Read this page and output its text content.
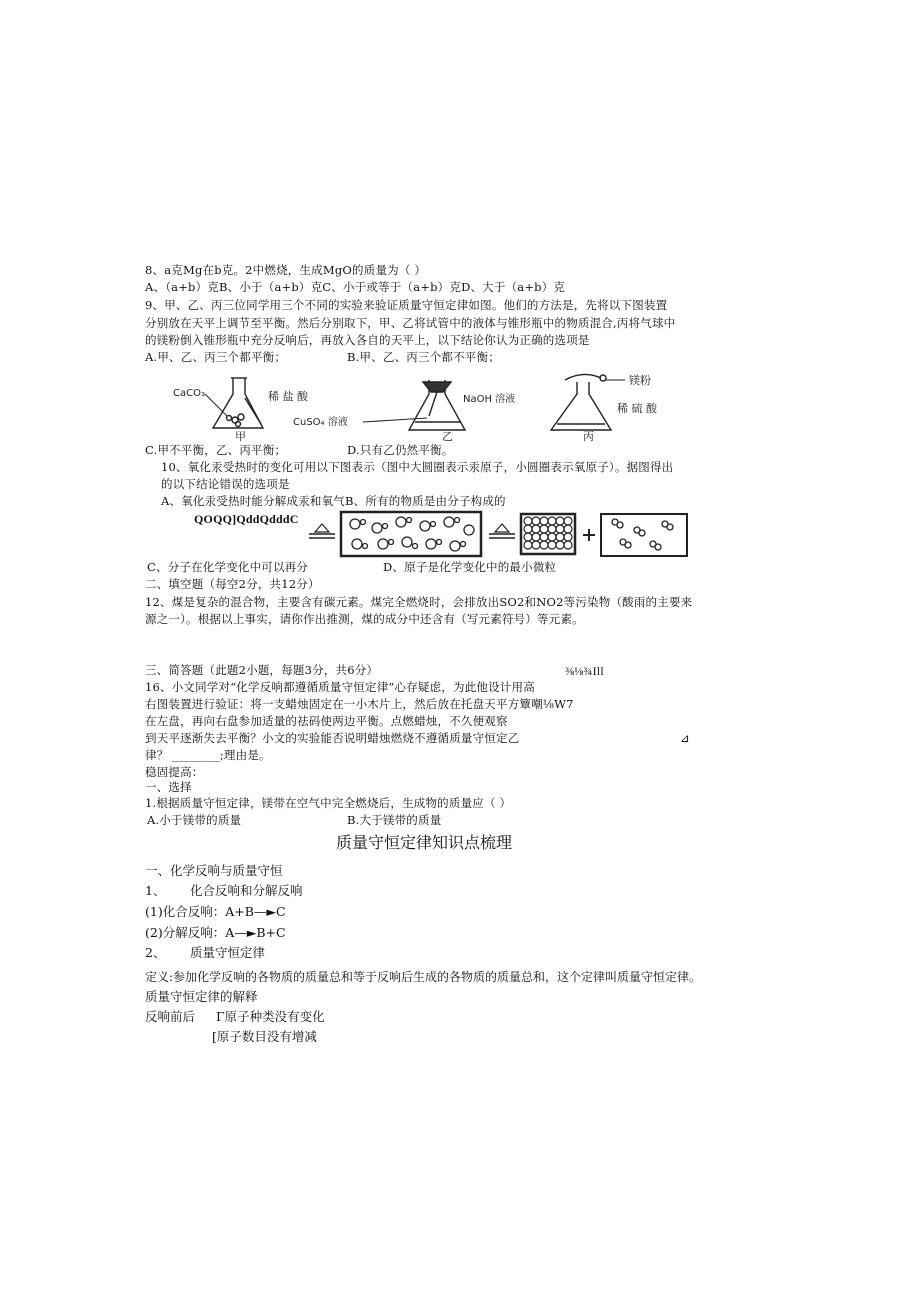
8、a克Mg在b克。2中燃烧，生成MgO的质量为（ ）
A、（a+b）克B、小于（a+b）克C、小于或等于（a+b）克D、大于（a+b）克
9、甲、乙、丙三位同学用三个不同的实验来验证质量守恒定律如图。他们的方法是，先将以下图装置
分别放在天平上调节至平衡。然后分别取下，甲、乙将试管中的液体与锥形瓶中的物质混合,丙将气球中
的镁粉倒入锥形瓶中充分反响后，再放入各自的天平上，以下结论你认为正确的选项是
A.甲、乙、丙三个都平衡；	B.甲、乙、丙三个都不平衡；
CaCO₃	稀 盐 酸
CuSO₄ 溶液
甲
NaOH 溶液
乙
镁粉
稀 硫 酸
丙
C.甲不平衡，乙、丙平衡；	D.只有乙仍然平衡。
10、氧化汞受热时的变化可用以下图表示（图中大圆圈表示汞原子，小圆圈表示氧原子）。据图得出
的以下结论错误的选项是
A、氧化汞受热时能分解成汞和氧气B、所有的物质是由分子构成的
QOQQ]QddQdddC
C、分子在化学变化中可以再分	D、原子是化学变化中的最小微粒
二、填空题（每空2分，共12分）
12、煤是复杂的混合物，主要含有碳元素。煤完全燃烧时，会排放出SO2和NO2等污染物（酸雨的主要来
源之一）。根据以上事实，请你作出推测，煤的成分中还含有（写元素符号）等元素。
三、简答题（此题2小题，每题3分，共6分）	⅜⅛¾Ill
16、小文同学对“化学反响都遵循质量守恒定律”心存疑虑，为此他设计用高
右图装置进行验证：将一支蜡烛固定在一小木片上，然后放在托盘天平方簟嘲⅛W7
在左盘，再向右盘参加适量的祛码使两边平衡。点燃蜡烛，不久便观察
到天平逐渐失去平衡？小文的实验能否说明蜡烛燃烧不遵循质量守恒定乙	⊿
律？ ________;理由是。
稳固提高：
一、选择
1.根据质量守恒定律，镁带在空气中完全燃烧后，生成物的质量应（ ）
A.小于镁带的质量	B.大于镁带的质量
质量守恒定律知识点梳理
一、化学反响与质量守恒
1、 化合反响和分解反响
(1)化合反响：A+B—►C
(2)分解反响：A—►B+C
2、 质量守恒定律
定义:参加化学反响的各物质的质量总和等于反响后生成的各物质的质量总和，这个定律叫质量守恒定律。
质量守恒定律的解释
反响前后 Γ原子种类没有变化
[原子数目没有增减
